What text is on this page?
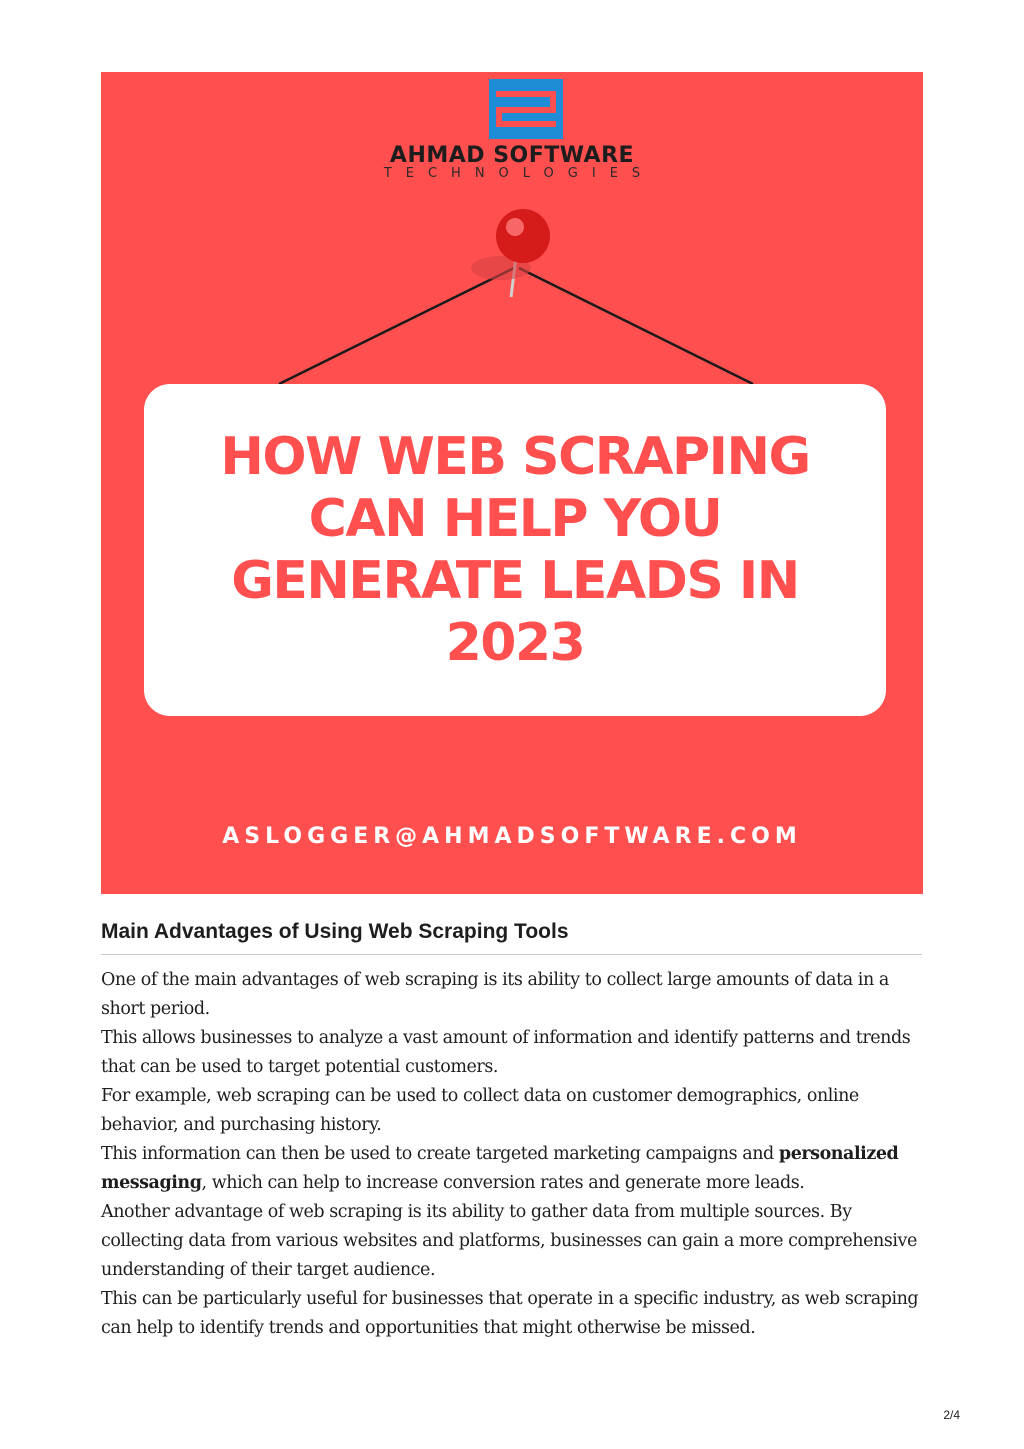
AHMAD SOFTWARE
TECHNOLOGIES

HOW WEB SCRAPING
CAN HELP YOU
GENERATE LEADS IN
2023

ASLOGGER@AHMADSOFTWARE.COM
Main Advantages of Using Web Scraping Tools

One of the main advantages of web scraping is its ability to collect large amounts of data in a short period.

This allows businesses to analyze a vast amount of information and identify patterns and trends that can be used to target potential customers.

For example, web scraping can be used to collect data on customer demographics, online behavior, and purchasing history.

This information can then be used to create targeted marketing campaigns and personalized messaging, which can help to increase conversion rates and generate more leads.

Another advantage of web scraping is its ability to gather data from multiple sources. By collecting data from various websites and platforms, businesses can gain a more comprehensive understanding of their target audience.

This can be particularly useful for businesses that operate in a specific industry, as web scraping can help to identify trends and opportunities that might otherwise be missed.

2/4
